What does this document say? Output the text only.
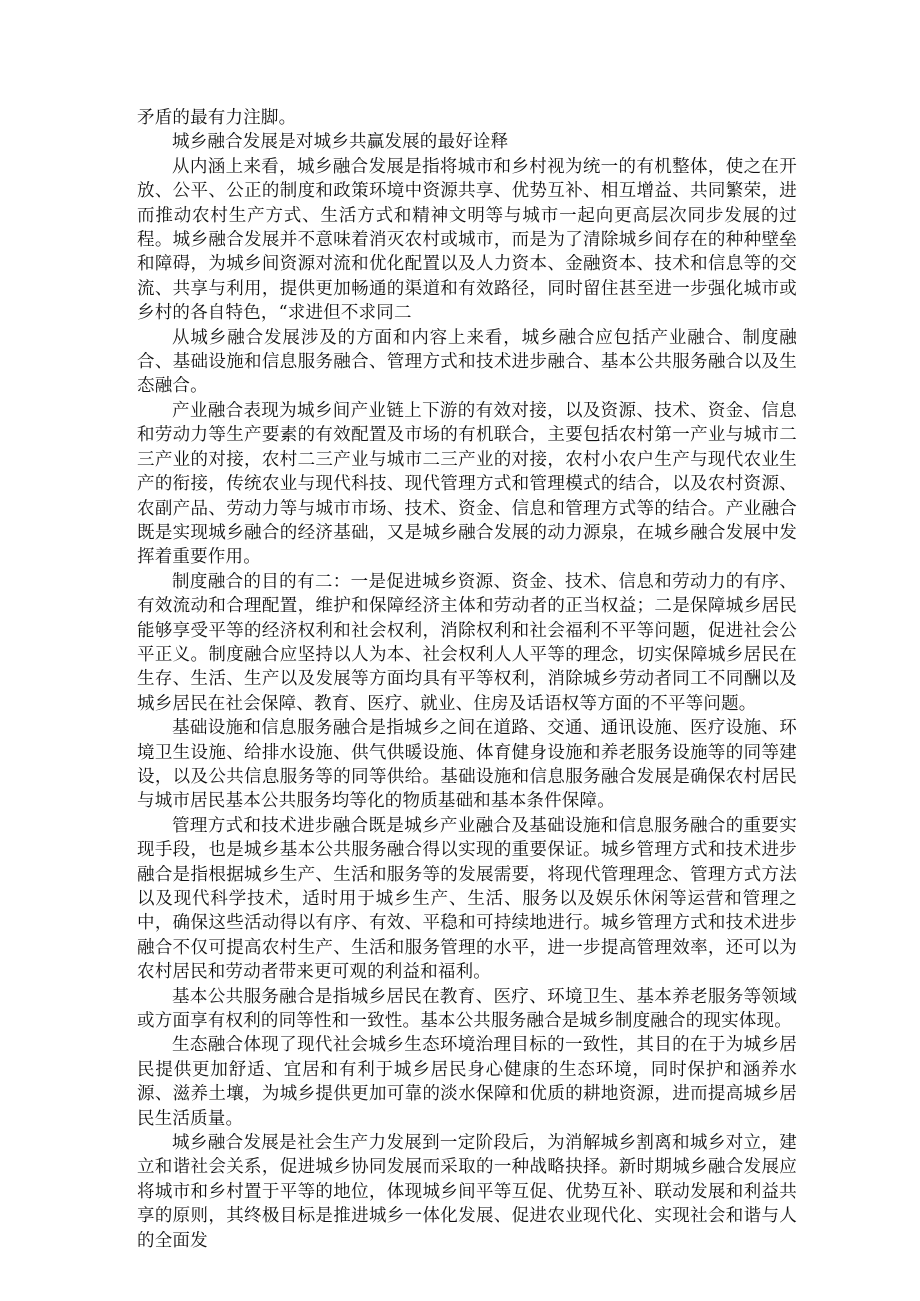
矛盾的最有力注脚。

城乡融合发展是对城乡共赢发展的最好诠释

从内涵上来看，城乡融合发展是指将城市和乡村视为统一的有机整体，使之在开放、公平、公正的制度和政策环境中资源共享、优势互补、相互增益、共同繁荣，进而推动农村生产方式、生活方式和精神文明等与城市一起向更高层次同步发展的过程。城乡融合发展并不意味着消灭农村或城市，而是为了清除城乡间存在的种种壁垒和障碍，为城乡间资源对流和优化配置以及人力资本、金融资本、技术和信息等的交流、共享与利用，提供更加畅通的渠道和有效路径，同时留住甚至进一步强化城市或乡村的各自特色，“求进但不求同二

从城乡融合发展涉及的方面和内容上来看，城乡融合应包括产业融合、制度融合、基础设施和信息服务融合、管理方式和技术进步融合、基本公共服务融合以及生态融合。

产业融合表现为城乡间产业链上下游的有效对接，以及资源、技术、资金、信息和劳动力等生产要素的有效配置及市场的有机联合，主要包括农村第一产业与城市二三产业的对接，农村二三产业与城市二三产业的对接，农村小农户生产与现代农业生产的衔接，传统农业与现代科技、现代管理方式和管理模式的结合，以及农村资源、农副产品、劳动力等与城市市场、技术、资金、信息和管理方式等的结合。产业融合既是实现城乡融合的经济基础，又是城乡融合发展的动力源泉，在城乡融合发展中发挥着重要作用。

制度融合的目的有二：一是促进城乡资源、资金、技术、信息和劳动力的有序、有效流动和合理配置，维护和保障经济主体和劳动者的正当权益；二是保障城乡居民能够享受平等的经济权利和社会权利，消除权利和社会福利不平等问题，促进社会公平正义。制度融合应坚持以人为本、社会权利人人平等的理念，切实保障城乡居民在生存、生活、生产以及发展等方面均具有平等权利，消除城乡劳动者同工不同酬以及城乡居民在社会保障、教育、医疗、就业、住房及话语权等方面的不平等问题。

基础设施和信息服务融合是指城乡之间在道路、交通、通讯设施、医疗设施、环境卫生设施、给排水设施、供气供暖设施、体育健身设施和养老服务设施等的同等建设，以及公共信息服务等的同等供给。基础设施和信息服务融合发展是确保农村居民与城市居民基本公共服务均等化的物质基础和基本条件保障。

管理方式和技术进步融合既是城乡产业融合及基础设施和信息服务融合的重要实现手段，也是城乡基本公共服务融合得以实现的重要保证。城乡管理方式和技术进步融合是指根据城乡生产、生活和服务等的发展需要，将现代管理理念、管理方式方法以及现代科学技术，适时用于城乡生产、生活、服务以及娱乐休闲等运营和管理之中，确保这些活动得以有序、有效、平稳和可持续地进行。城乡管理方式和技术进步融合不仅可提高农村生产、生活和服务管理的水平，进一步提高管理效率，还可以为农村居民和劳动者带来更可观的利益和福利。

基本公共服务融合是指城乡居民在教育、医疗、环境卫生、基本养老服务等领域或方面享有权利的同等性和一致性。基本公共服务融合是城乡制度融合的现实体现。

生态融合体现了现代社会城乡生态环境治理目标的一致性，其目的在于为城乡居民提供更加舒适、宜居和有利于城乡居民身心健康的生态环境，同时保护和涵养水源、滋养土壤，为城乡提供更加可靠的淡水保障和优质的耕地资源，进而提高城乡居民生活质量。

城乡融合发展是社会生产力发展到一定阶段后，为消解城乡割离和城乡对立，建立和谐社会关系，促进城乡协同发展而采取的一种战略抉择。新时期城乡融合发展应将城市和乡村置于平等的地位，体现城乡间平等互促、优势互补、联动发展和利益共享的原则，其终极目标是推进城乡一体化发展、促进农业现代化、实现社会和谐与人的全面发
